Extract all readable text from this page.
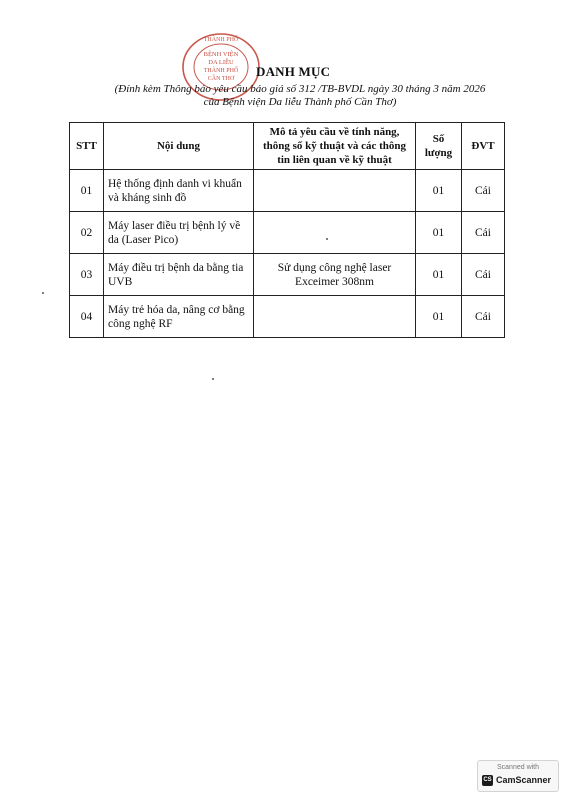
THÀNH PHỐ
BỆNH VIỆN
DA LIỄU
THÀNH PHỐ
CẦN THƠ DANH MỤC
(Đính kèm Thông báo yêu cầu báo giá số 312 /TB-BVDL ngày 30 tháng 3 năm 2026
của Bệnh viện Da liễu Thành phố Cần Thơ)
STT	Nội dung	Mô tả yêu cầu về tính năng, thông số kỹ thuật và các thông tin liên quan về kỹ thuật	Số lượng	ĐVT
01	Hệ thống định danh vi khuẩn và kháng sinh đồ		01	Cái
02	Máy laser điều trị bệnh lý về da (Laser Pico)		01	Cái
03	Máy điều trị bệnh da bằng tia UVB	Sử dụng công nghệ laser Exceimer 308nm	01	Cái
04	Máy trẻ hóa da, nâng cơ bằng công nghệ RF		01	Cái
Scanned with
CS CamScanner
